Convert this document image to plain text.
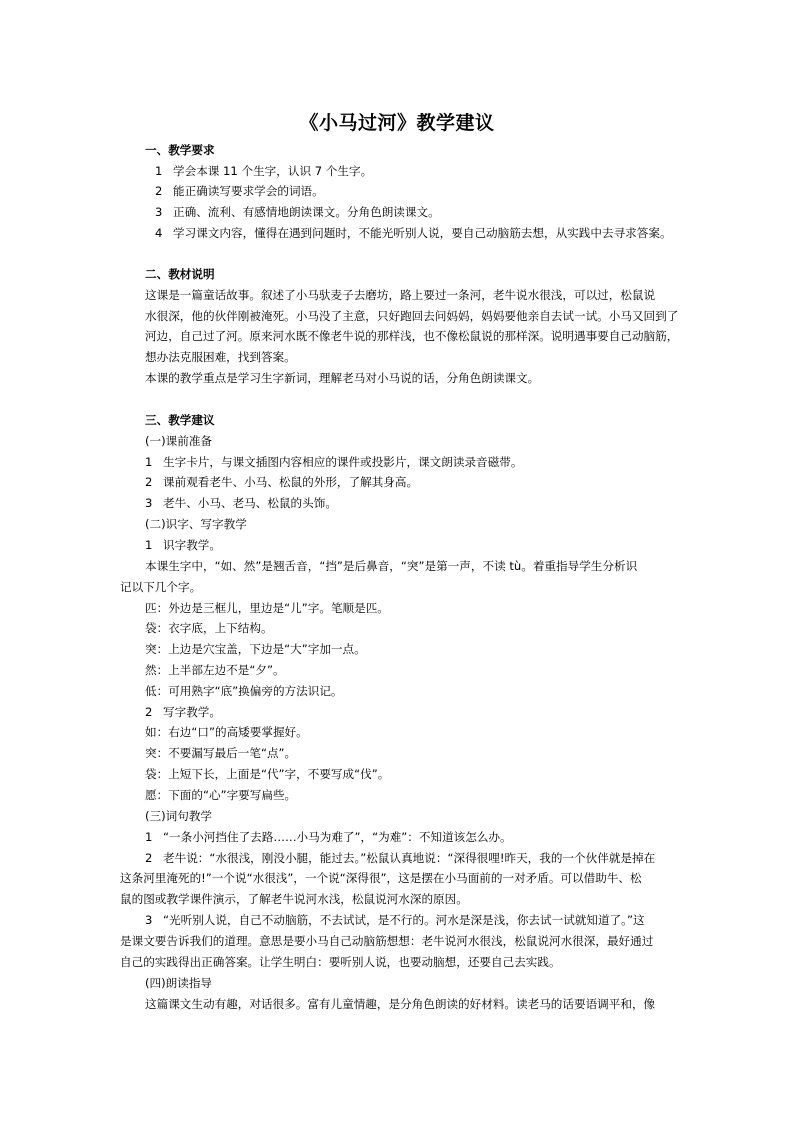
《小马过河》教学建议
一、教学要求
1 学会本课 11 个生字，认识 7 个生字。
2 能正确读写要求学会的词语。
3 正确、流利、有感情地朗读课文。分角色朗读课文。
4 学习课文内容，懂得在遇到问题时，不能光听别人说，要自己动脑筋去想，从实践中去寻求答案。
二、教材说明
这课是一篇童话故事。叙述了小马驮麦子去磨坊，路上要过一条河，老牛说水很浅，可以过，松鼠说
水很深，他的伙伴刚被淹死。小马没了主意，只好跑回去问妈妈，妈妈要他亲自去试一试。小马又回到了
河边，自己过了河。原来河水既不像老牛说的那样浅，也不像松鼠说的那样深。说明遇事要自己动脑筋，
想办法克服困难，找到答案。
本课的教学重点是学习生字新词，理解老马对小马说的话，分角色朗读课文。
三、教学建议
(一)课前准备
1 生字卡片，与课文插图内容相应的课件或投影片，课文朗读录音磁带。
2 课前观看老牛、小马、松鼠的外形，了解其身高。
3 老牛、小马、老马、松鼠的头饰。
(二)识字、写字教学
1 识字教学。
本课生字中，“如、然”是翘舌音，“挡”是后鼻音，“突”是第一声，不读 tù。着重指导学生分析识
记以下几个字。
匹：外边是三框儿，里边是“儿”字。笔顺是匹。
袋：衣字底，上下结构。
突：上边是穴宝盖，下边是“大”字加一点。
然：上半部左边不是“夕”。
低：可用熟字“底”换偏旁的方法识记。
2 写字教学。
如：右边“口”的高矮要掌握好。
突：不要漏写最后一笔“点”。
袋：上短下长，上面是“代”字，不要写成“伐”。
愿：下面的“心”字要写扁些。
(三)词句教学
1 “一条小河挡住了去路……小马为难了”，“为难”：不知道该怎么办。
2 老牛说：“水很浅，刚没小腿，能过去。”松鼠认真地说：“深得很哩!昨天，我的一个伙伴就是掉在
这条河里淹死的!”一个说“水很浅”，一个说“深得很”，这是摆在小马面前的一对矛盾。可以借助牛、松
鼠的图或教学课件演示，了解老牛说河水浅，松鼠说河水深的原因。
3 “光听别人说，自己不动脑筋，不去试试，是不行的。河水是深是浅，你去试一试就知道了。”这
是课文要告诉我们的道理。意思是要小马自己动脑筋想想：老牛说河水很浅，松鼠说河水很深，最好通过
自己的实践得出正确答案。让学生明白：要听别人说，也要动脑想，还要自己去实践。
(四)朗读指导
这篇课文生动有趣，对话很多。富有儿童情趣，是分角色朗读的好材料。读老马的话要语调平和，像
